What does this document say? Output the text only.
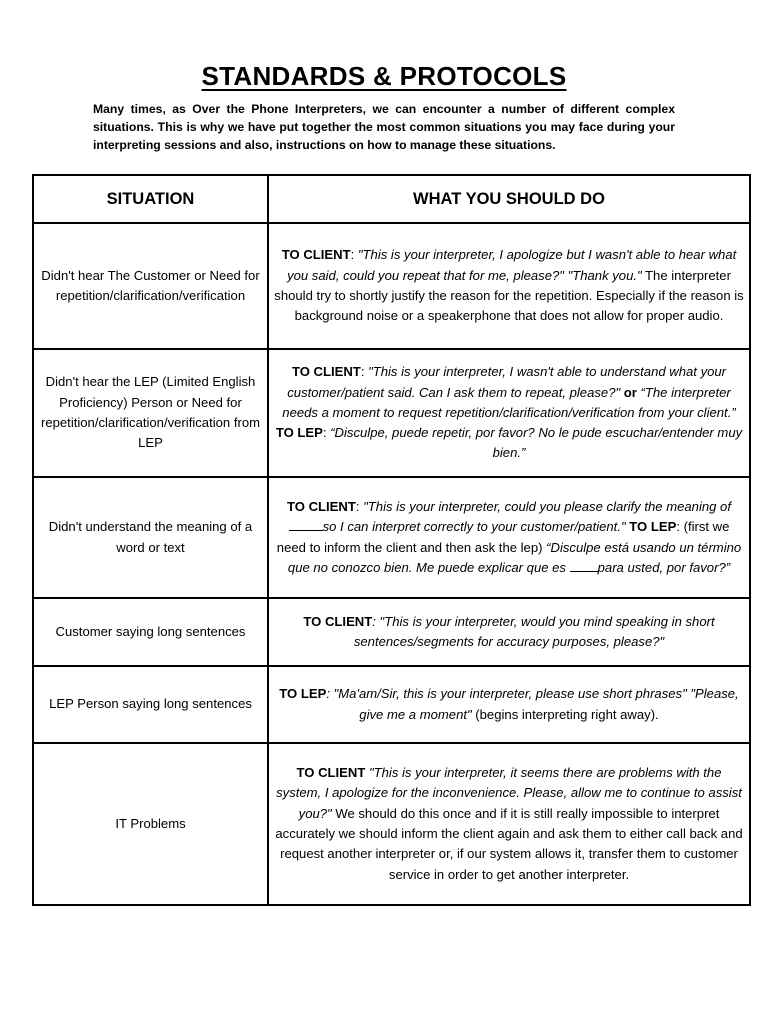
STANDARDS & PROTOCOLS

Many times, as Over the Phone Interpreters, we can encounter a number of different complex situations. This is why we have put together the most common situations you may face during your interpreting sessions and also, instructions on how to manage these situations.

SITUATION	WHAT YOU SHOULD DO
Didn't hear The Customer or Need for repetition/clarification/verification	TO CLIENT: "This is your interpreter, I apologize but I wasn't able to hear what you said, could you repeat that for me, please?" "Thank you." The interpreter should try to shortly justify the reason for the repetition. Especially if the reason is background noise or a speakerphone that does not allow for proper audio.
Didn't hear the LEP (Limited English Proficiency) Person or Need for repetition/clarification/verification from LEP	TO CLIENT: "This is your interpreter, I wasn't able to understand what your customer/patient said. Can I ask them to repeat, please?" or “The interpreter needs a moment to request repetition/clarification/verification from your client.” TO LEP: “Disculpe, puede repetir, por favor? No le pude escuchar/entender muy bien.”
Didn't understand the meaning of a word or text	TO CLIENT: "This is your interpreter, could you please clarify the meaning of so I can interpret correctly to your customer/patient." TO LEP: (first we need to inform the client and then ask the lep) “Disculpe está usando un término que no conozco bien. Me puede explicar que es para usted, por favor?”
Customer saying long sentences	TO CLIENT: "This is your interpreter, would you mind speaking in short sentences/segments for accuracy purposes, please?"
LEP Person saying long sentences	TO LEP: "Ma'am/Sir, this is your interpreter, please use short phrases" "Please, give me a moment" (begins interpreting right away).
IT Problems	TO CLIENT "This is your interpreter, it seems there are problems with the system, I apologize for the inconvenience. Please, allow me to continue to assist you?" We should do this once and if it is still really impossible to interpret accurately we should inform the client again and ask them to either call back and request another interpreter or, if our system allows it, transfer them to customer service in order to get another interpreter.
